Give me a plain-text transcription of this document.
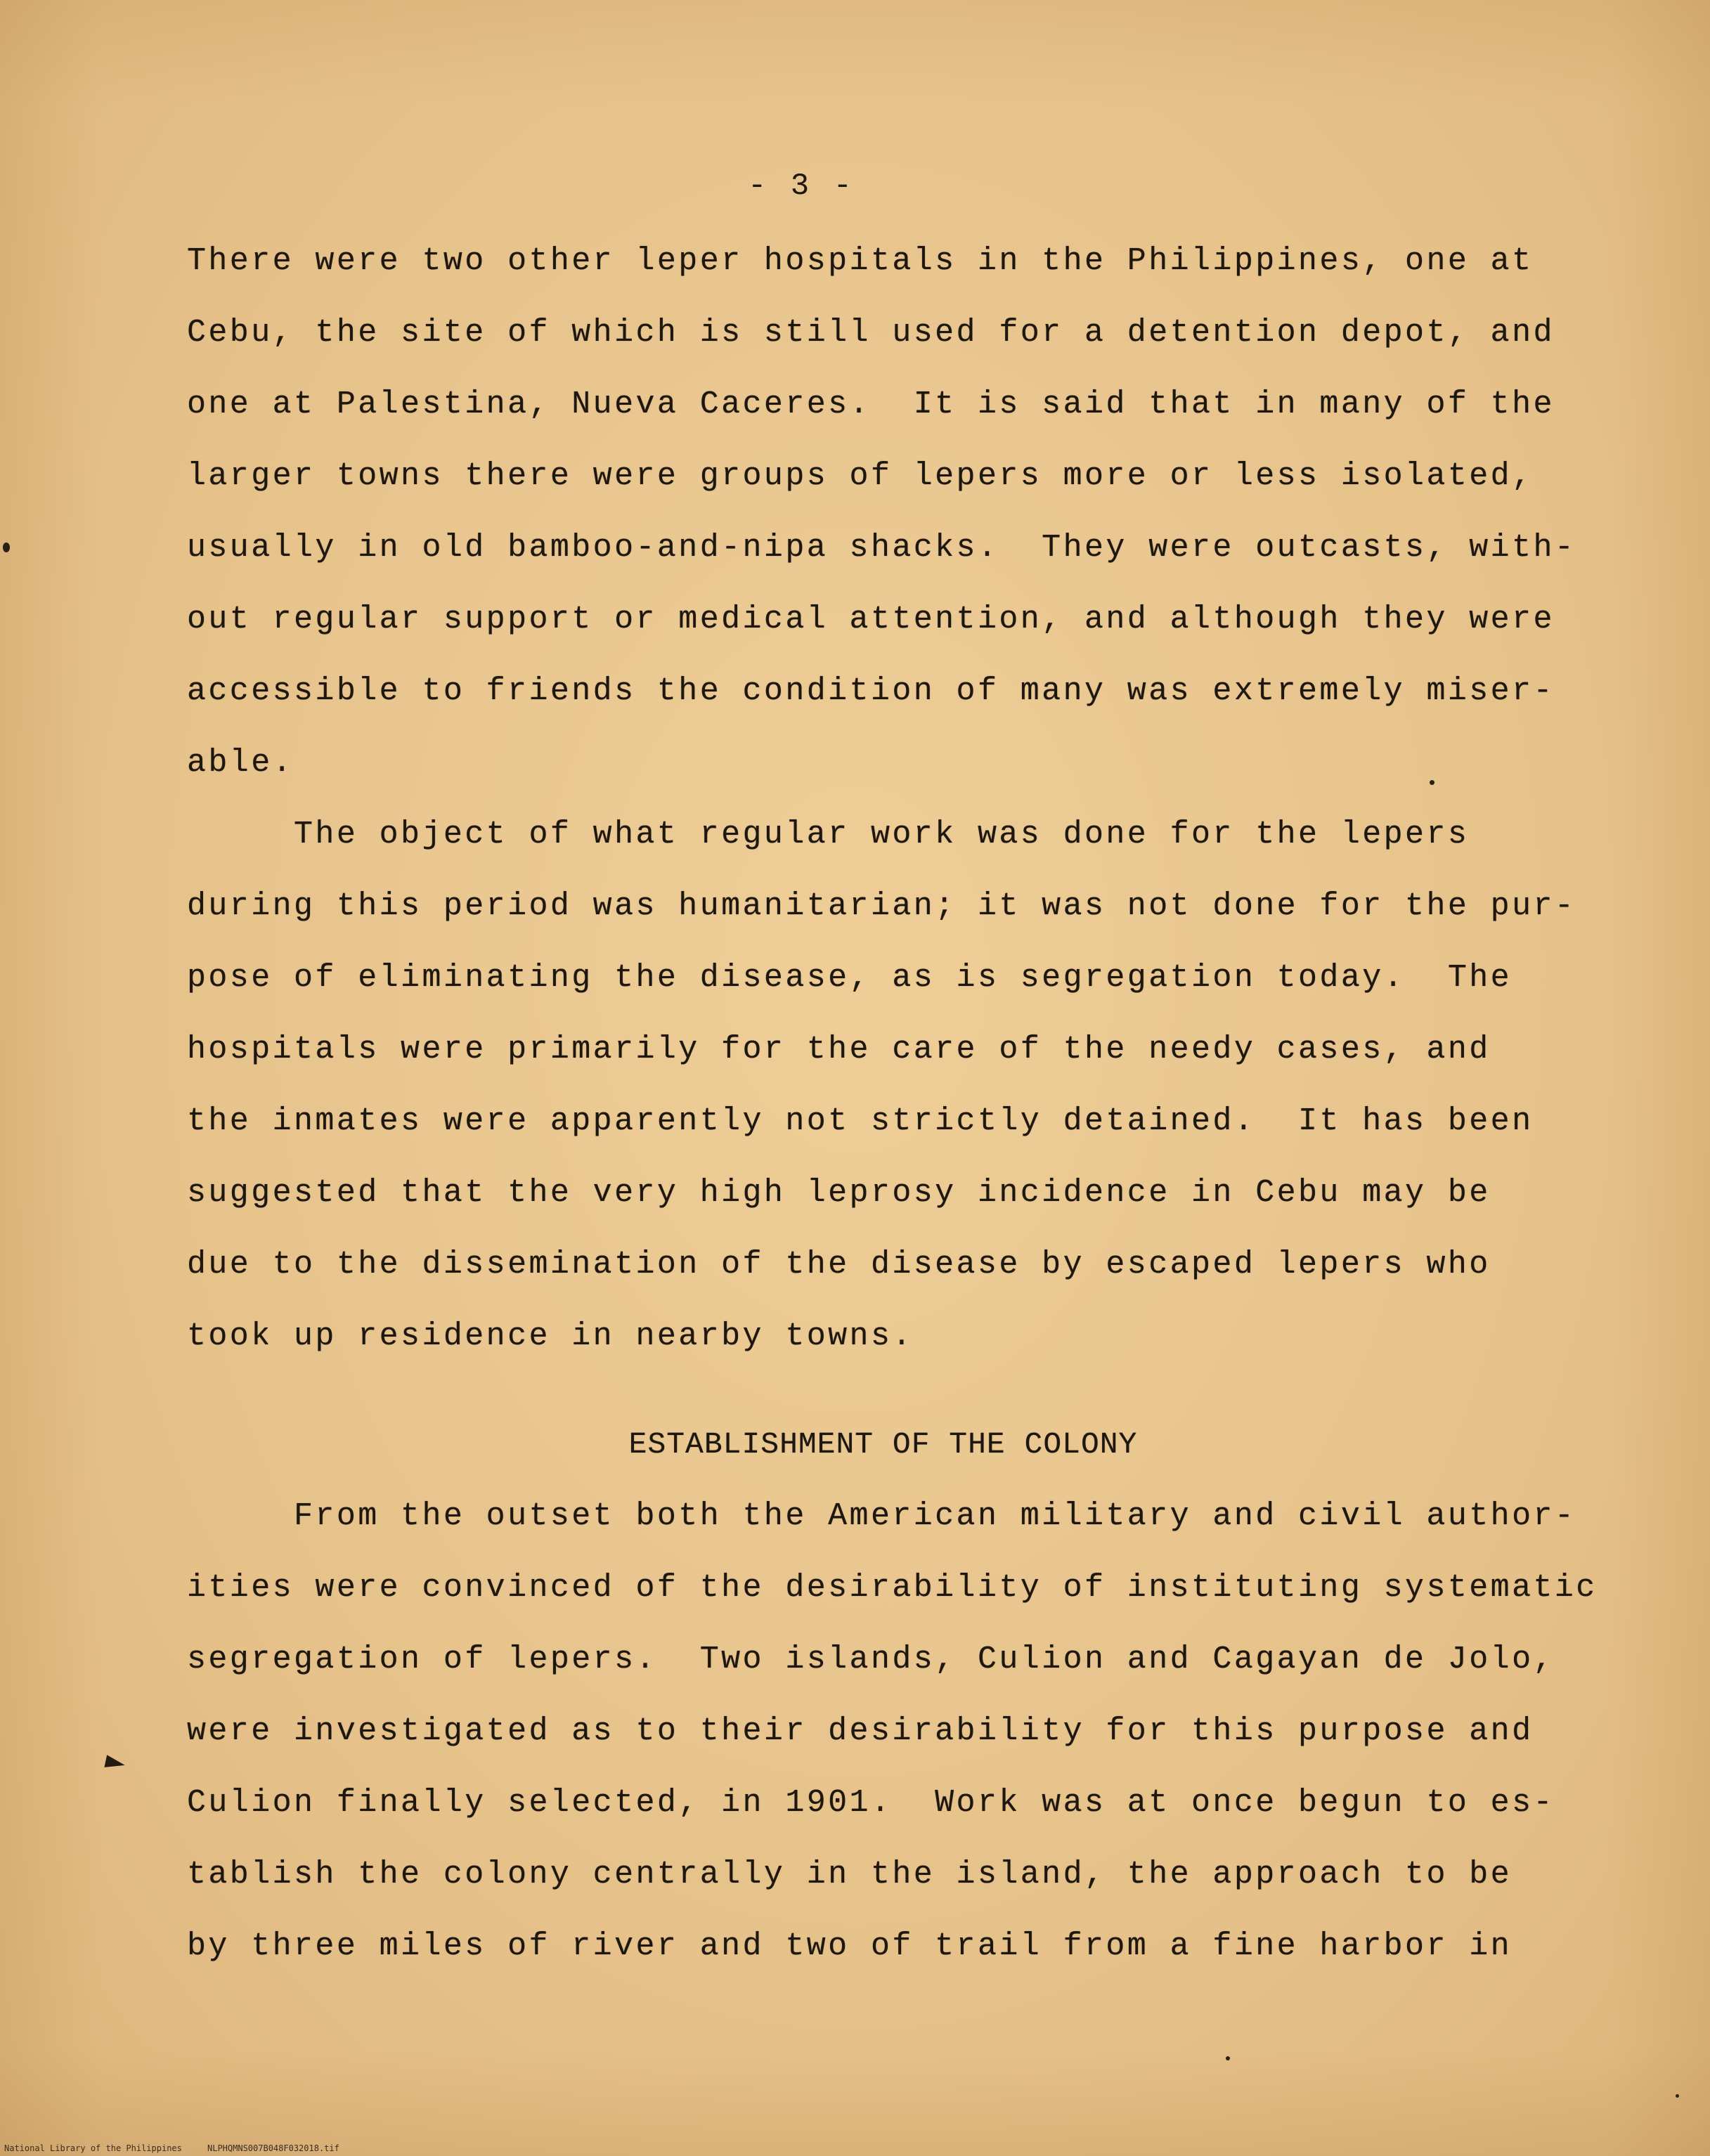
- 3 -
There were two other leper hospitals in the Philippines, one at
Cebu, the site of which is still used for a detention depot, and
one at Palestina, Nueva Caceres.  It is said that in many of the
larger towns there were groups of lepers more or less isolated,
usually in old bamboo-and-nipa shacks.  They were outcasts, with-
out regular support or medical attention, and although they were
accessible to friends the condition of many was extremely miser-
able.
The object of what regular work was done for the lepers
during this period was humanitarian; it was not done for the pur-
pose of eliminating the disease, as is segregation today.  The
hospitals were primarily for the care of the needy cases, and
the inmates were apparently not strictly detained.  It has been
suggested that the very high leprosy incidence in Cebu may be
due to the dissemination of the disease by escaped lepers who
took up residence in nearby towns.
ESTABLISHMENT OF THE COLONY
From the outset both the American military and civil author-
ities were convinced of the desirability of instituting systematic
segregation of lepers.  Two islands, Culion and Cagayan de Jolo,
were investigated as to their desirability for this purpose and
Culion finally selected, in 1901.  Work was at once begun to es-
tablish the colony centrally in the island, the approach to be
by three miles of river and two of trail from a fine harbor in
National Library of the Philippines	NLPHQMNS007B048F032018.tif
